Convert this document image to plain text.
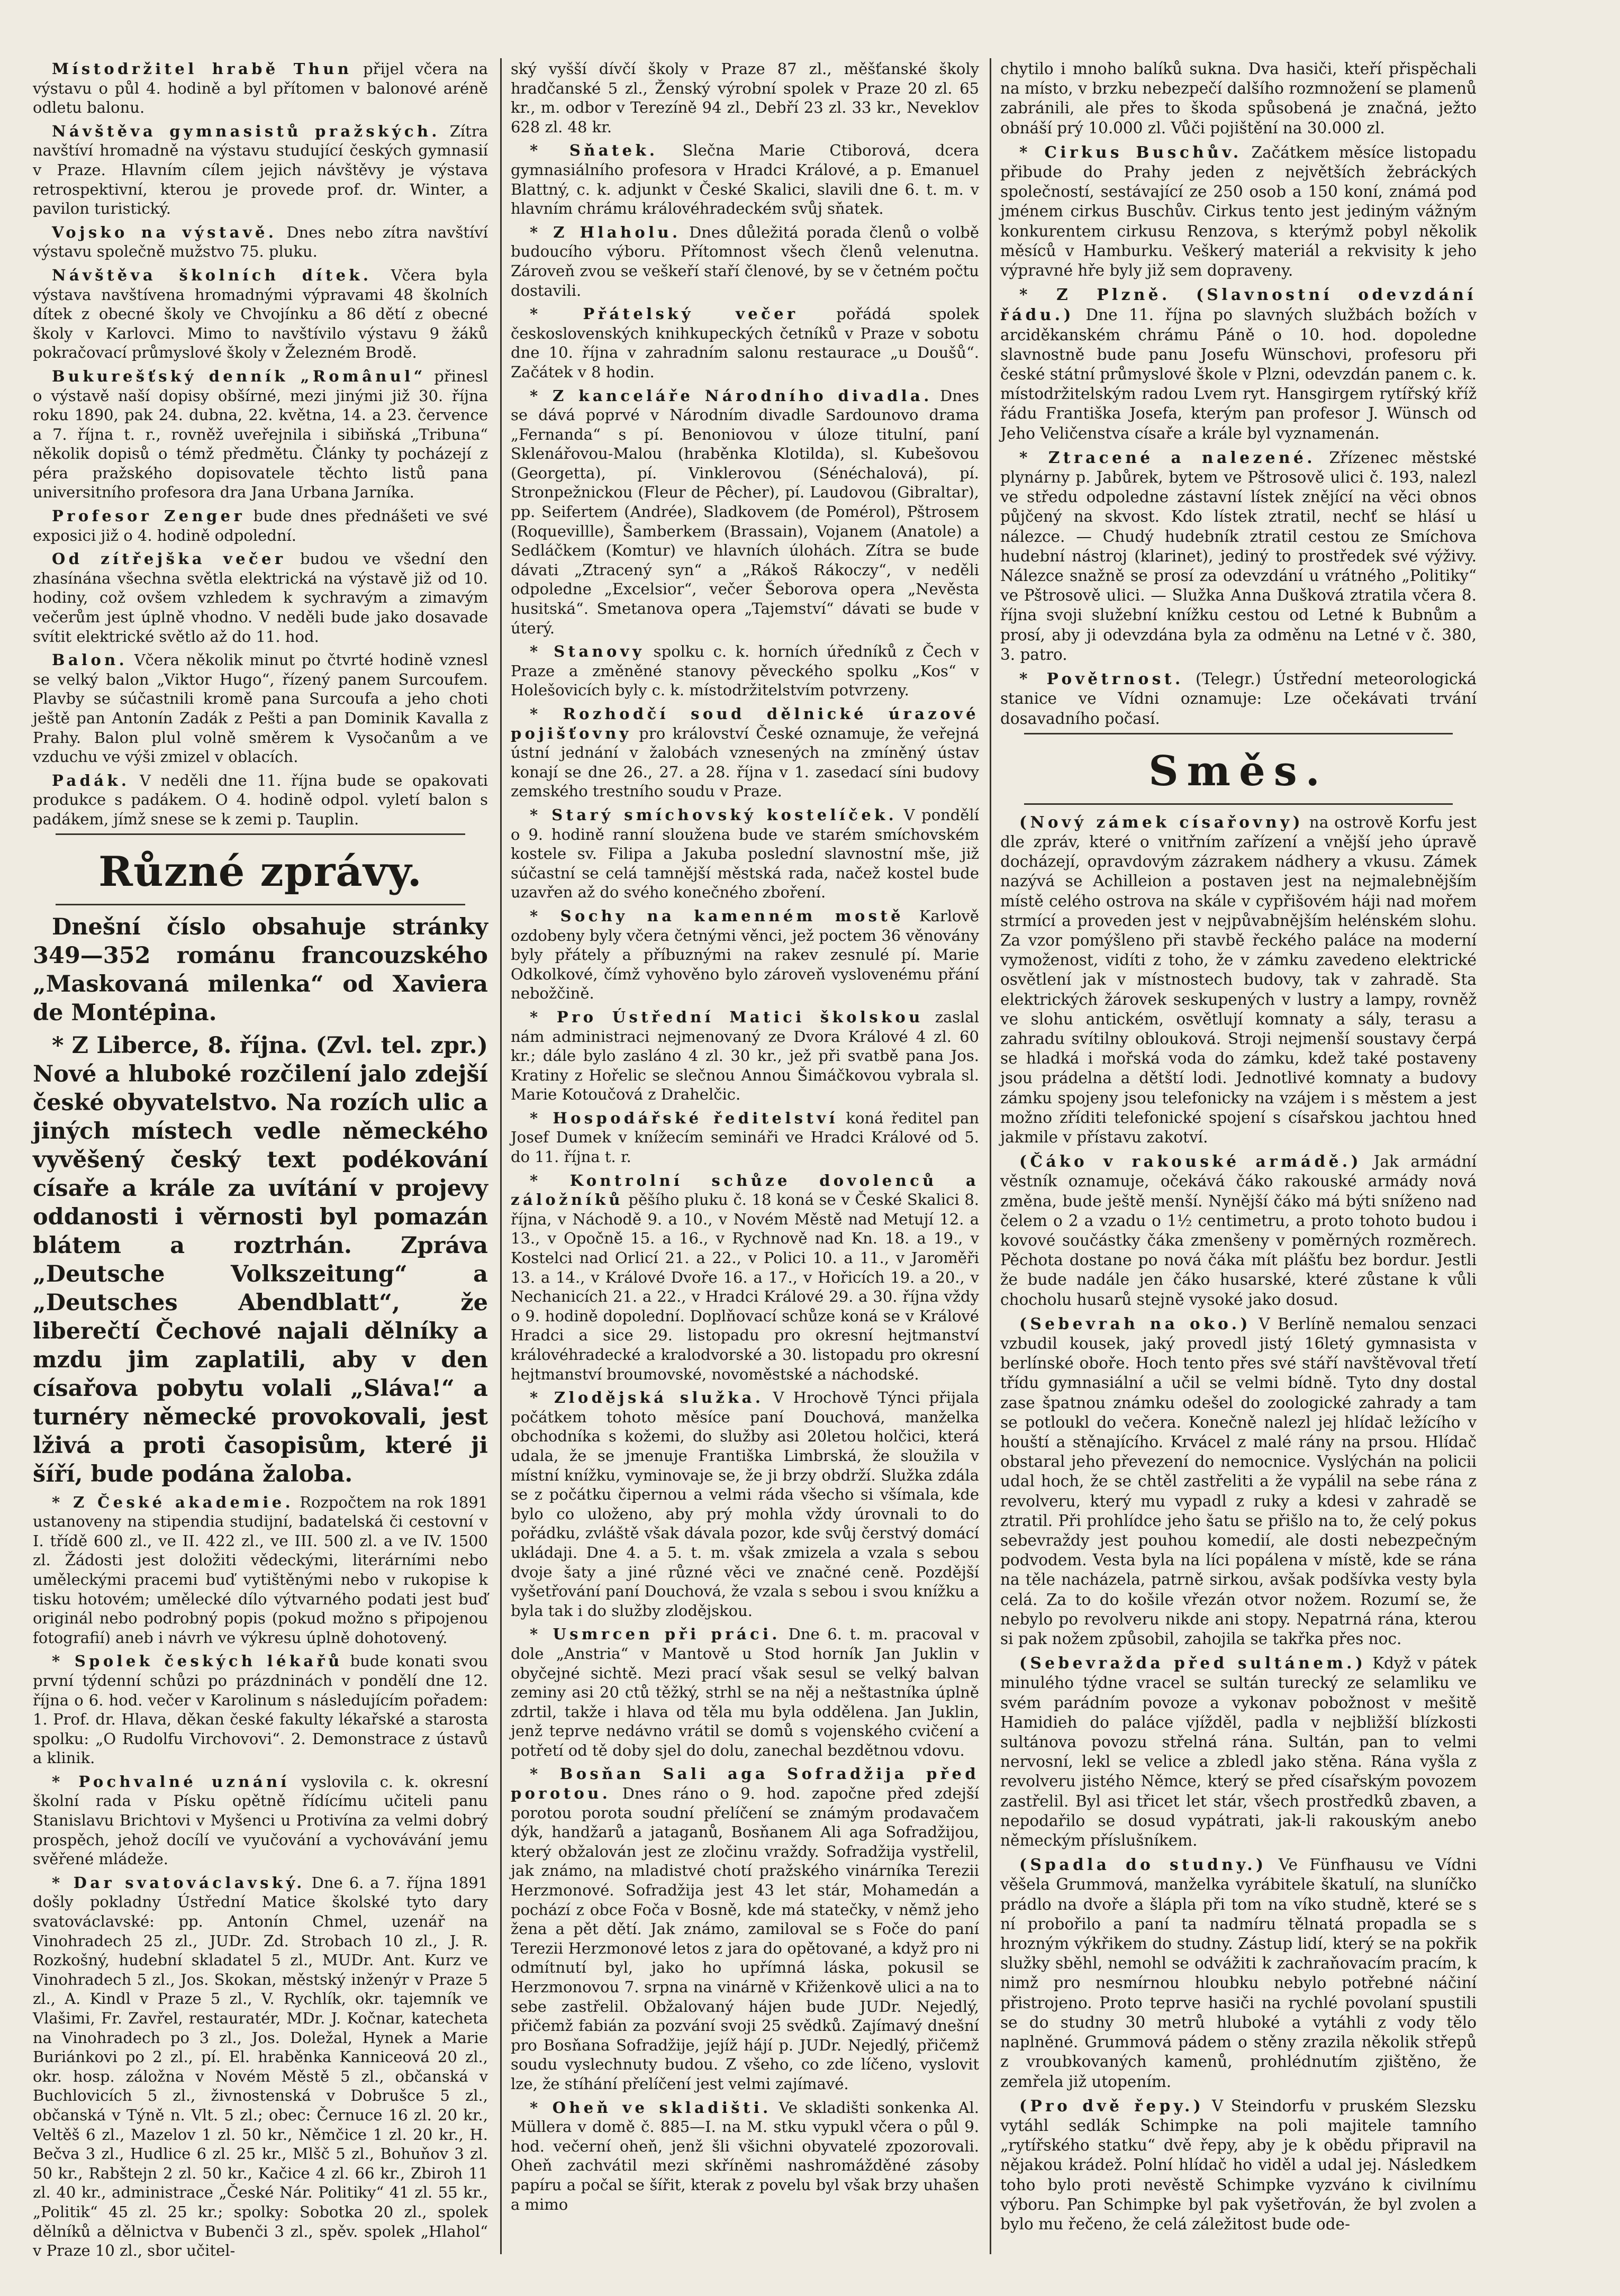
Místodržitel hrabě Thun přijel včera na výstavu o půl 4. hodině a byl přítomen v balonové aréně odletu balonu.

Návštěva gymnasistů pražských. Zítra navštíví hromadně na výstavu studující českých gymnasií v Praze. Hlavním cílem jejich návštěvy je výstava retrospektivní, kterou je provede prof. dr. Winter, a pavilon turistický.

Vojsko na výstavě. Dnes nebo zítra navštíví výstavu společně mužstvo 75. pluku.

Návštěva školních dítek. Včera byla výstava navštívena hromadnými výpravami 48 školních dítek z obecné školy ve Chvojínku a 86 dětí z obecné školy v Karlovci. Mimo to navštívilo výstavu 9 žáků pokračovací průmyslové školy v Železném Brodě.

Bukurešťský denník „Românul“ přinesl o výstavě naší dopisy obšírné, mezi jinými již 30. října roku 1890, pak 24. dubna, 22. května, 14. a 23. července a 7. října t. r., rovněž uveřejnila i sibiňská „Tribuna“ několik dopisů o témž předmětu. Články ty pocházejí z péra pražského dopisovatele těchto listů pana universitního profesora dra Jana Urbana Jarníka.

Profesor Zenger bude dnes přednášeti ve své exposici již o 4. hodině odpolední.

Od zítřejška večer budou ve všední den zhasínána všechna světla elektrická na výstavě již od 10. hodiny, což ovšem vzhledem k sychravým a zimavým večerům jest úplně vhodno. V neděli bude jako dosavade svítit elektrické světlo až do 11. hod.

Balon. Včera několik minut po čtvrté hodině vznesl se velký balon „Viktor Hugo“, řízený panem Surcoufem. Plavby se súčastnili kromě pana Surcoufa a jeho choti ještě pan Antonín Zadák z Pešti a pan Dominik Kavalla z Prahy. Balon plul volně směrem k Vysočanům a ve vzduchu ve výši zmizel v oblacích.

Padák. V neděli dne 11. října bude se opakovati produkce s padákem. O 4. hodině odpol. vyletí balon s padákem, jímž snese se k zemi p. Tauplin.

Různé zprávy.

Dnešní číslo obsahuje stránky 349—352 románu francouzského „Maskovaná milenka“ od Xaviera de Montépina.

* Z Liberce, 8. října. (Zvl. tel. zpr.) Nové a hluboké rozčilení jalo zdejší české obyvatelstvo. Na rozích ulic a jiných místech vedle německého vyvěšený český text podékování císaře a krále za uvítání v projevy oddanosti i věrnosti byl pomazán blátem a roztrhán. Zpráva „Deutsche Volkszeitung“ a „Deutsches Abendblatt“, že liberečtí Čechové najali dělníky a mzdu jim zaplatili, aby v den císařova pobytu volali „Sláva!“ a turnéry německé provokovali, jest lživá a proti časopisům, které ji šíří, bude podána žaloba.

* Z České akademie. Rozpočtem na rok 1891 ustanoveny na stipendia studijní, badatelská či cestovní v I. třídě 600 zl., ve II. 422 zl., ve III. 500 zl. a ve IV. 1500 zl. Žádosti jest doložiti vědeckými, literárními nebo uměleckými pracemi buď vytištěnými nebo v rukopise k tisku hotovém; umělecké dílo výtvarného podati jest buď originál nebo podrobný popis (pokud možno s připojenou fotografií) aneb i návrh ve výkresu úplně dohotovený.

* Spolek českých lékařů bude konati svou první týdenní schůzi po prázdninách v pondělí dne 12. října o 6. hod. večer v Karolinum s následujícím pořadem: 1. Prof. dr. Hlava, děkan české fakulty lékařské a starosta spolku: „O Rudolfu Virchovovi“. 2. Demonstrace z ústavů a klinik.

* Pochvalné uznání vyslovila c. k. okresní školní rada v Písku opětně řídícímu učiteli panu Stanislavu Brichtovi v Myšenci u Protivína za velmi dobrý prospěch, jehož docílí ve vyučování a vychovávání jemu svěřené mládeže.

* Dar svatováclavský. Dne 6. a 7. října 1891 došly pokladny Ústřední Matice školské tyto dary svatováclavské: pp. Antonín Chmel, uzenář na Vinohradech 25 zl., JUDr. Zd. Strobach 10 zl., J. R. Rozkošný, hudební skladatel 5 zl., MUDr. Ant. Kurz ve Vinohradech 5 zl., Jos. Skokan, městský inženýr v Praze 5 zl., A. Kindl v Praze 5 zl., V. Rychlík, okr. tajemník ve Vlašimi, Fr. Zavřel, restauratér, MDr. J. Kočnar, katecheta na Vinohradech po 3 zl., Jos. Doležal, Hynek a Marie Buriánkovi po 2 zl., pí. El. hraběnka Kanniceová 20 zl., okr. hosp. záložna v Novém Městě 5 zl., občanská v Buchlovicích 5 zl., živnostenská v Dobrušce 5 zl., občanská v Týně n. Vlt. 5 zl.; obec: Černuce 16 zl. 20 kr., Veltěš 6 zl., Mazelov 1 zl. 50 kr., Němčice 1 zl. 20 kr., H. Bečva 3 zl., Hudlice 6 zl. 25 kr., Mlšč 5 zl., Bohuňov 3 zl. 50 kr., Rabštejn 2 zl. 50 kr., Kačice 4 zl. 66 kr., Zbiroh 11 zl. 40 kr., administrace „České Nár. Politiky“ 41 zl. 55 kr., „Politik“ 45 zl. 25 kr.; spolky: Sobotka 20 zl., spolek dělníků a dělnictva v Bubenči 3 zl., spěv. spolek „Hlahol“ v Praze 10 zl., sbor učitel-

ský vyšší dívčí školy v Praze 87 zl., měšťanské školy hradčanské 5 zl., Ženský výrobní spolek v Praze 20 zl. 65 kr., m. odbor v Terezíně 94 zl., Debří 23 zl. 33 kr., Neveklov 628 zl. 48 kr.

* Sňatek. Slečna Marie Ctiborová, dcera gymnasiálního profesora v Hradci Králové, a p. Emanuel Blattný, c. k. adjunkt v České Skalici, slavili dne 6. t. m. v hlavním chrámu královéhradeckém svůj sňatek.

* Z Hlaholu. Dnes důležitá porada členů o volbě budoucího výboru. Přítomnost všech členů velenutna. Zároveň zvou se veškeří staří členové, by se v četném počtu dostavili.

* Přátelský večer pořádá spolek československých knihkupeckých četníků v Praze v sobotu dne 10. října v zahradním salonu restaurace „u Doušů“. Začátek v 8 hodin.

* Z kanceláře Národního divadla. Dnes se dává poprvé v Národním divadle Sardounovo drama „Fernanda“ s pí. Benoniovou v úloze titulní, paní Sklenářovou-Malou (hraběnka Klotilda), sl. Kubešovou (Georgetta), pí. Vinklerovou (Sénéchalová), pí. Stronpežnickou (Fleur de Pêcher), pí. Laudovou (Gibraltar), pp. Seifertem (Andrée), Sladkovem (de Pomérol), Pštrosem (Roquevillle), Šamberkem (Brassain), Vojanem (Anatole) a Sedláčkem (Komtur) ve hlavních úlohách. Zítra se bude dávati „Ztracený syn“ a „Rákoš Rákoczy“, v neděli odpoledne „Excelsior“, večer Šeborova opera „Nevěsta husitská“. Smetanova opera „Tajemství“ dávati se bude v úterý.

* Stanovy spolku c. k. horních úředníků z Čech v Praze a změněné stanovy pěveckého spolku „Kos“ v Holešovicích byly c. k. místodržitelstvím potvrzeny.

* Rozhodčí soud dělnické úrazové pojišťovny pro království České oznamuje, že veřejná ústní jednání v žalobách vznesených na zmíněný ústav konají se dne 26., 27. a 28. října v 1. zasedací síni budovy zemského trestního soudu v Praze.

* Starý smíchovský kostelíček. V pondělí o 9. hodině ranní sloužena bude ve starém smíchovském kostele sv. Filipa a Jakuba poslední slavnostní mše, již súčastní se celá tamnější městská rada, načež kostel bude uzavřen až do svého konečného zboření.

* Sochy na kamenném mostě Karlově ozdobeny byly včera četnými věnci, jež poctem 36 věnovány byly přátely a příbuznými na rakev zesnulé pí. Marie Odkolkové, čímž vyhověno bylo zároveň vyslovenému přání nebožčině.

* Pro Ústřední Matici školskou zaslal nám administraci nejmenovaný ze Dvora Králové 4 zl. 60 kr.; dále bylo zasláno 4 zl. 30 kr., jež při svatbě pana Jos. Kratiny z Hořelic se slečnou Annou Šimáčkovou vybrala sl. Marie Kotoučová z Drahelčic.

* Hospodářské ředitelství koná ředitel pan Josef Dumek v knížecím semináři ve Hradci Králové od 5. do 11. října t. r.

* Kontrolní schůze dovolenců a záložníků pěšího pluku č. 18 koná se v České Skalici 8. října, v Náchodě 9. a 10., v Novém Městě nad Metují 12. a 13., v Opočně 15. a 16., v Rychnově nad Kn. 18. a 19., v Kostelci nad Orlicí 21. a 22., v Polici 10. a 11., v Jaroměři 13. a 14., v Králové Dvoře 16. a 17., v Hořicích 19. a 20., v Nechanicích 21. a 22., v Hradci Králové 29. a 30. října vždy o 9. hodině dopolední. Doplňovací schůze koná se v Králové Hradci a sice 29. listopadu pro okresní hejtmanství královéhradecké a kralodvorské a 30. listopadu pro okresní hejtmanství broumovské, novoměstské a náchodské.

* Zlodějská služka. V Hrochově Týnci přijala počátkem tohoto měsíce paní Douchová, manželka obchodníka s kožemi, do služby asi 20letou holčici, která udala, že se jmenuje Františka Limbrská, že sloužila v místní knížku, vyminovaje se, že ji brzy obdrží. Služka zdála se z počátku čipernou a velmi ráda všecho si všímala, kde bylo co uloženo, aby prý mohla vždy úrovnali to do pořádku, zvláště však dávala pozor, kde svůj čerstvý domácí ukládaji. Dne 4. a 5. t. m. však zmizela a vzala s sebou dvoje šaty a jiné různé věci ve značné ceně. Pozdější vyšetřování paní Douchová, že vzala s sebou i svou knížku a byla tak i do služby zlodějskou.

* Usmrcen při práci. Dne 6. t. m. pracoval v dole „Anstria“ v Mantově u Stod horník Jan Juklin v obyčejné sichtě. Mezi prací však sesul se velký balvan zeminy asi 20 ctů těžký, strhl se na něj a neštastníka úplně zdrtil, takže i hlava od těla mu byla oddělena. Jan Juklin, jenž teprve nedávno vrátil se domů s vojenského cvičení a potřetí od tě doby sjel do dolu, zanechal bezdětnou vdovu.

* Bosňan Sali aga Sofradžija před porotou. Dnes ráno o 9. hod. započne před zdejší porotou porota soudní přelíčení se známým prodavačem dýk, handžarů a jataganů, Bosňanem Ali aga Sofradžijou, který obžalován jest ze zločinu vraždy. Sofradžija vystřelil, jak známo, na mladistvé chotí pražského vinárníka Terezii Herzmonové. Sofradžija jest 43 let stár, Mohamedán a pochází z obce Foča v Bosně, kde má statečky, v němž jeho žena a pět dětí. Jak známo, zamiloval se s Foče do paní Terezii Herzmonové letos z jara do opětované, a když pro ni odmítnutí byl, jako ho upřímná láska, pokusil se Herzmonovou 7. srpna na vinárně v Křiženkově ulici a na to sebe zastřelil. Obžalovaný hájen bude JUDr. Nejedlý, přičemž fabián za pozvání svoji 25 svědků. Zajímavý dnešní pro Bosňana Sofradžije, jejíž hájí p. JUDr. Nejedlý, přičemž soudu vyslechnuty budou. Z všeho, co zde líčeno, vyslovit lze, že stíhání přelíčení jest velmi zajímavé.

* Oheň ve skladišti. Ve skladišti sonkenka Al. Müllera v domě č. 885—I. na M. stku vypukl včera o půl 9. hod. večerní oheň, jenž šli všichni obyvatelé zpozorovali. Oheň zachvátil mezi skříněmi nashromážděné zásoby papíru a počal se šířit, kterak z povelu byl však brzy uhašen a mimo

chytilo i mnoho balíků sukna. Dva hasiči, kteří přispěchali na místo, v brzku nebezpečí dalšího rozmnožení se plamenů zabránili, ale přes to škoda spůsobená je značná, ježto obnáší prý 10.000 zl. Vůči pojištění na 30.000 zl.

* Cirkus Buschův. Začátkem měsíce listopadu přibude do Prahy jeden z největších žebráckých společností, sestávající ze 250 osob a 150 koní, známá pod jménem cirkus Buschův. Cirkus tento jest jediným vážným konkurentem cirkusu Renzova, s kterýmž pobyl několik měsíců v Hamburku. Veškerý materiál a rekvisity k jeho výpravné hře byly již sem dopraveny.

* Z Plzně. (Slavnostní odevzdání řádu.) Dne 11. října po slavných službách božích v arciděkanském chrámu Páně o 10. hod. dopoledne slavnostně bude panu Josefu Wünschovi, profesoru při české státní průmyslové škole v Plzni, odevzdán panem c. k. místodržitelským radou Lvem ryt. Hansgirgem rytířský kříž řádu Františka Josefa, kterým pan profesor J. Wünsch od Jeho Veličenstva císaře a krále byl vyznamenán.

* Ztracené a nalezené. Zřízenec městské plynárny p. Jabůrek, bytem ve Pštrosově ulici č. 193, nalezl ve středu odpoledne zástavní lístek znějící na věci obnos půjčený na skvost. Kdo lístek ztratil, nechť se hlásí u nálezce. — Chudý hudebník ztratil cestou ze Smíchova hudební nástroj (klarinet), jediný to prostředek své výživy. Nálezce snažně se prosí za odevzdání u vrátného „Politiky“ ve Pštrosově ulici. — Služka Anna Dušková ztratila včera 8. října svoji služební knížku cestou od Letné k Bubnům a prosí, aby ji odevzdána byla za odměnu na Letné v č. 380, 3. patro.

* Povětrnost. (Telegr.) Ústřední meteorologická stanice ve Vídni oznamuje: Lze očekávati trvání dosavadního počasí.

Směs.

(Nový zámek císařovny) na ostrově Korfu jest dle zpráv, které o vnitřním zařízení a vnější jeho úpravě docházejí, opravdovým zázrakem nádhery a vkusu. Zámek nazývá se Achilleion a postaven jest na nejmalebnějším místě celého ostrova na skále v cypřišovém háji nad mořem strmící a proveden jest v nejpůvabnějším helénském slohu. Za vzor pomýšleno při stavbě řeckého paláce na moderní vymoženost, vidíti z toho, že v zámku zavedeno elektrické osvětlení jak v místnostech budovy, tak v zahradě. Sta elektrických žárovek seskupených v lustry a lampy, rovněž ve slohu antickém, osvětlují komnaty a sály, terasu a zahradu svítilny oblouková. Stroji nejmenší soustavy čerpá se hladká i mořská voda do zámku, kdež také postaveny jsou prádelna a dětští lodi. Jednotlivé komnaty a budovy zámku spojeny jsou telefonicky na vzájem i s městem a jest možno zříditi telefonické spojení s císařskou jachtou hned jakmile v přístavu zakotví.

(Čáko v rakouské armádě.) Jak armádní věstník oznamuje, očekává čáko rakouské armády nová změna, bude ještě menší. Nynější čáko má býti sníženo nad čelem o 2 a vzadu o 1½ centimetru, a proto tohoto budou i kovové součástky čáka zmenšeny v poměrných rozměrech. Pěchota dostane po nová čáka mít plášťu bez bordur. Jestli že bude nadále jen čáko husarské, které zůstane k vůli chocholu husarů stejně vysoké jako dosud.

(Sebevrah na oko.) V Berlíně nemalou senzaci vzbudil kousek, jaký provedl jistý 16letý gymnasista v berlínské oboře. Hoch tento přes své stáří navštěvoval třetí třídu gymnasiální a učil se velmi bídně. Tyto dny dostal zase špatnou známku odešel do zoologické zahrady a tam se potloukl do večera. Konečně nalezl jej hlídač ležícího v houští a stěnajícího. Krvácel z malé rány na prsou. Hlídač obstaral jeho převezení do nemocnice. Vyslýchán na policii udal hoch, že se chtěl zastřeliti a že vypálil na sebe rána z revolveru, který mu vypadl z ruky a kdesi v zahradě se ztratil. Při prohlídce jeho šatu se přišlo na to, že celý pokus sebevraždy jest pouhou komedií, ale dosti nebezpečným podvodem. Vesta byla na líci popálena v místě, kde se rána na těle nacházela, patrně sirkou, avšak podšívka vesty byla celá. Za to do košile vřezán otvor nožem. Rozumí se, že nebylo po revolveru nikde ani stopy. Nepatrná rána, kterou si pak nožem způsobil, zahojila se takřka přes noc.

(Sebevražda před sultánem.) Když v pátek minulého týdne vracel se sultán turecký ze selamliku ve svém parádním povoze a vykonav pobožnost v mešitě Hamidieh do paláce vjížděl, padla v nejbližší blízkosti sultánova povozu střelná rána. Sultán, pan to velmi nervosní, lekl se velice a zbledl jako stěna. Rána vyšla z revolveru jistého Němce, který se před císařským povozem zastřelil. Byl asi třicet let stár, všech prostředků zbaven, a nepodařilo se dosud vypátrati, jak-li rakouským anebo německým příslušníkem.

(Spadla do studny.) Ve Fünfhausu ve Vídni věšela Grummová, manželka vyrábitele škatulí, na sluníčko prádlo na dvoře a šlápla při tom na víko studně, které se s ní probořilo a paní ta nadmíru tělnatá propadla se s hrozným výkřikem do studny. Zástup lidí, který se na pokřik služky sběhl, nemohl se odvážiti k zachraňovacím pracím, k nimž pro nesmírnou hloubku nebylo potřebné náčiní přistrojeno. Proto teprve hasiči na rychlé povolaní spustili se do studny 30 metrů hluboké a vytáhli z vody tělo naplněné. Grummová pádem o stěny zrazila několik střepů z vroubkovaných kamenů, prohlédnutím zjištěno, že zemřela již utopením.

(Pro dvě řepy.) V Steindorfu v pruském Slezsku vytáhl sedlák Schimpke na poli majitele tamního „rytířského statku“ dvě řepy, aby je k obědu připravil na nějakou krádež. Polní hlídač ho viděl a udal jej. Následkem toho bylo proti nevěstě Schimpke vyzváno k civilnímu výboru. Pan Schimpke byl pak vyšetřován, že byl zvolen a bylo mu řečeno, že celá záležitost bude ode-
